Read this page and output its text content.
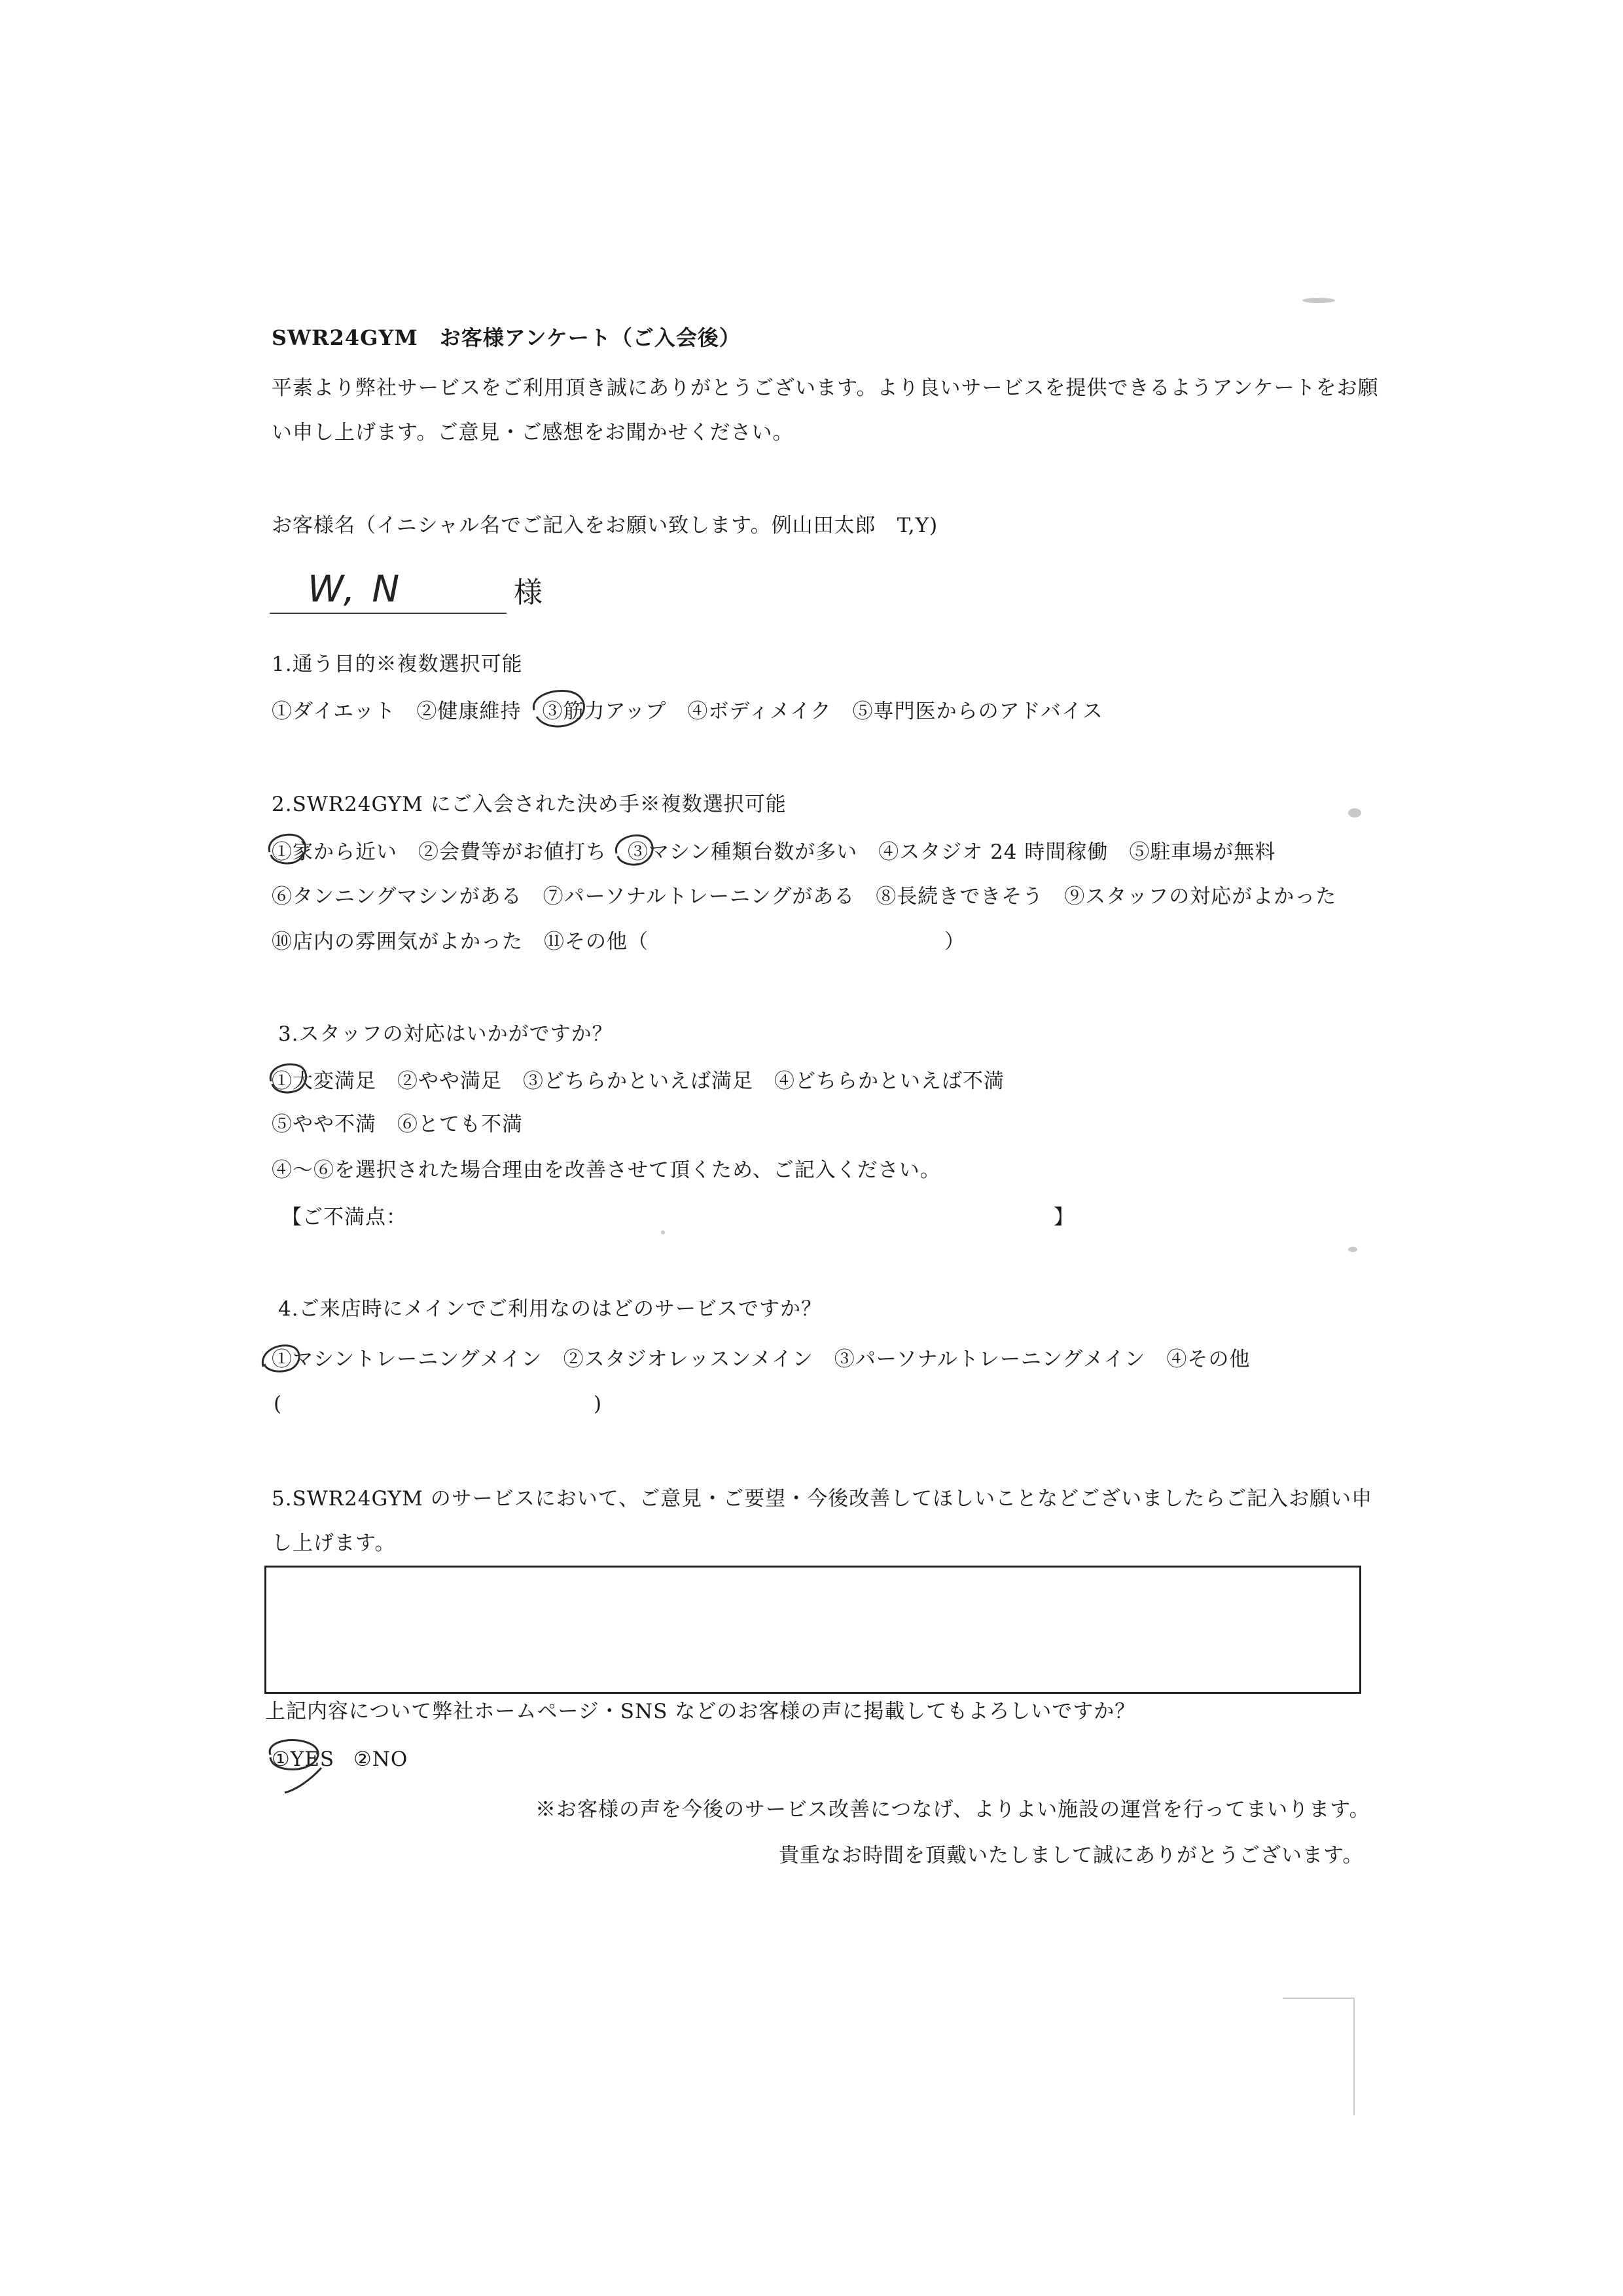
SWR24GYM　お客様アンケート（ご入会後）
平素より弊社サービスをご利用頂き誠にありがとうございます。より良いサービスを提供できるようアンケートをお願
い申し上げます。ご意見・ご感想をお聞かせください。
お客様名（イニシャル名でご記入をお願い致します。例山田太郎　T,Y)
W, N	様
1.通う目的※複数選択可能
①ダイエット　②健康維持　③筋力アップ　④ボディメイク　⑤専門医からのアドバイス
2.SWR24GYM にご入会された決め手※複数選択可能
①家から近い　②会費等がお値打ち　③マシン種類台数が多い　④スタジオ 24 時間稼働　⑤駐車場が無料
⑥タンニングマシンがある　⑦パーソナルトレーニングがある　⑧長続きできそう　⑨スタッフの対応がよかった
⑩店内の雰囲気がよかった　⑪その他（	）
3.スタッフの対応はいかがですか？
①大変満足　②やや満足　③どちらかといえば満足　④どちらかといえば不満
⑤やや不満　⑥とても不満
④～⑥を選択された場合理由を改善させて頂くため、ご記入ください。
【ご不満点：	】
4.ご来店時にメインでご利用なのはどのサービスですか？
①マシントレーニングメイン　②スタジオレッスンメイン　③パーソナルトレーニングメイン　④その他
(	)
5.SWR24GYM のサービスにおいて、ご意見・ご要望・今後改善してほしいことなどございましたらご記入お願い申
し上げます。
上記内容について弊社ホームページ・SNS などのお客様の声に掲載してもよろしいですか？
①YES ②NO
※お客様の声を今後のサービス改善につなげ、よりよい施設の運営を行ってまいります。
貴重なお時間を頂戴いたしまして誠にありがとうございます。
